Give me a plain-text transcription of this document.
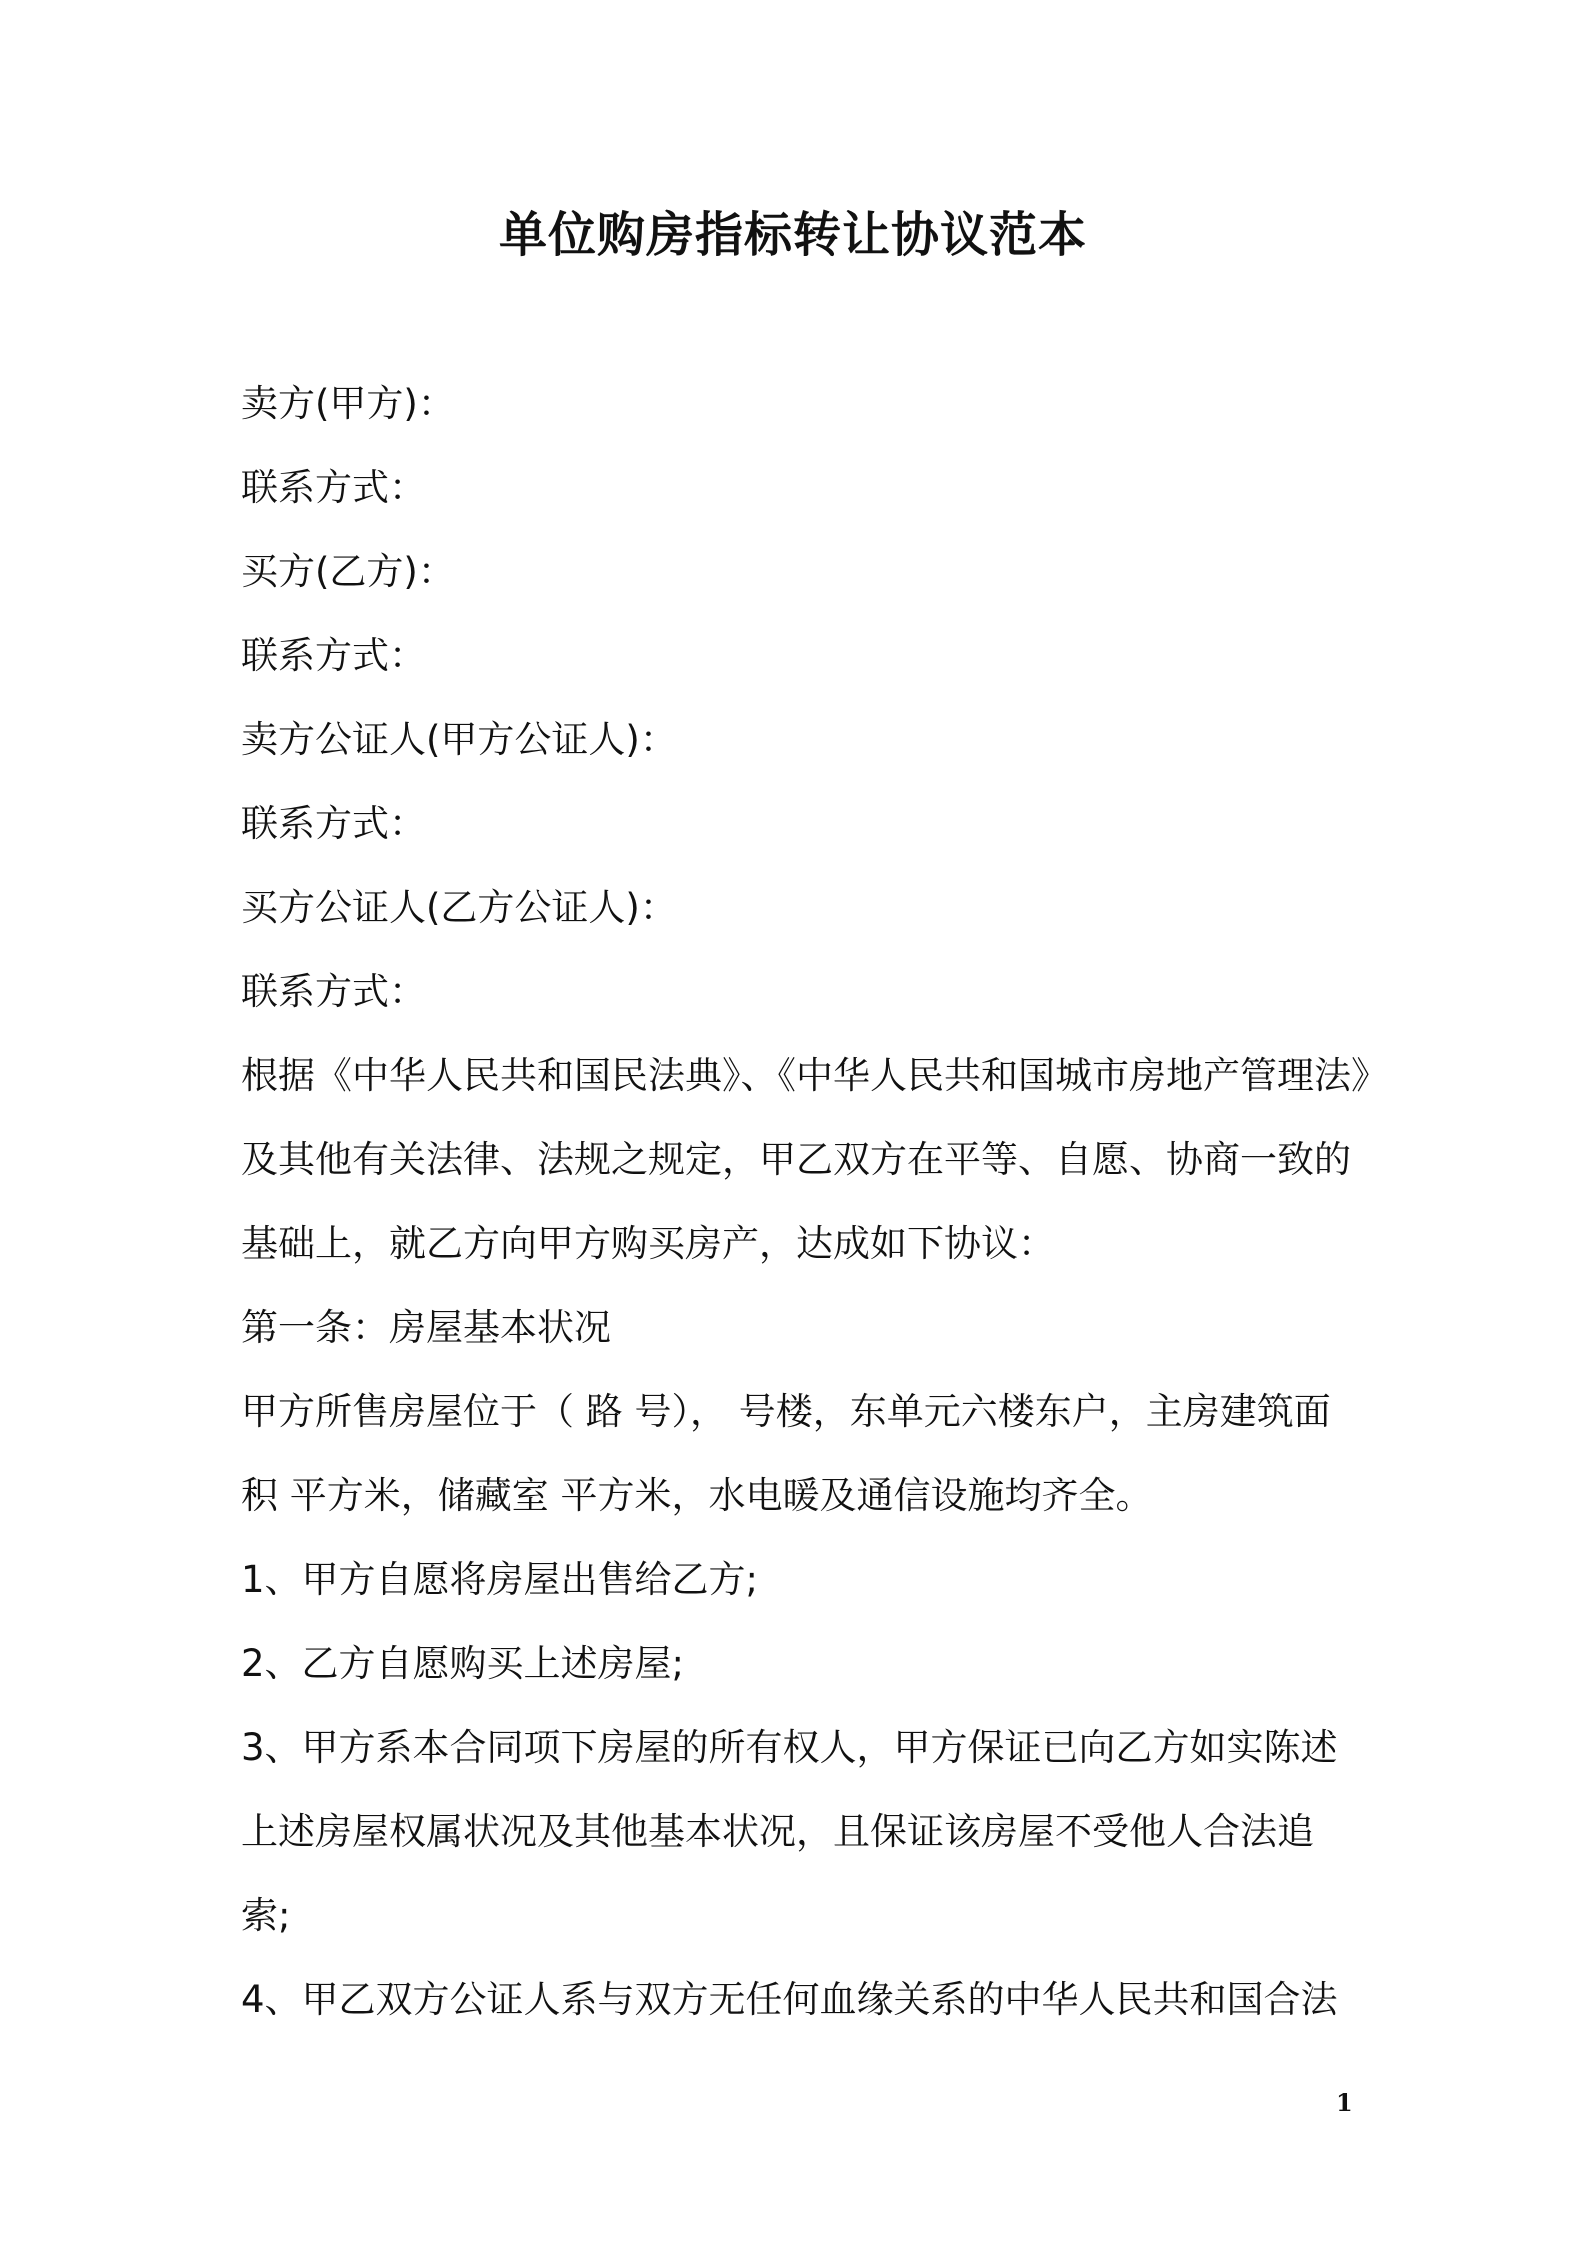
单位购房指标转让协议范本
卖方(甲方)：
联系方式：
买方(乙方)：
联系方式：
卖方公证人(甲方公证人)：
联系方式：
买方公证人(乙方公证人)：
联系方式：
根据《中华人民共和国民法典》、《中华人民共和国城市房地产管理法》
及其他有关法律、法规之规定，甲乙双方在平等、自愿、协商一致的
基础上，就乙方向甲方购买房产，达成如下协议：
第一条：房屋基本状况
甲方所售房屋位于（ 路 号）， 号楼，东单元六楼东户，主房建筑面
积 平方米，储藏室 平方米，水电暖及通信设施均齐全。
1、甲方自愿将房屋出售给乙方;
2、乙方自愿购买上述房屋;
3、甲方系本合同项下房屋的所有权人，甲方保证已向乙方如实陈述
上述房屋权属状况及其他基本状况，且保证该房屋不受他人合法追
索;
4、甲乙双方公证人系与双方无任何血缘关系的中华人民共和国合法
1
